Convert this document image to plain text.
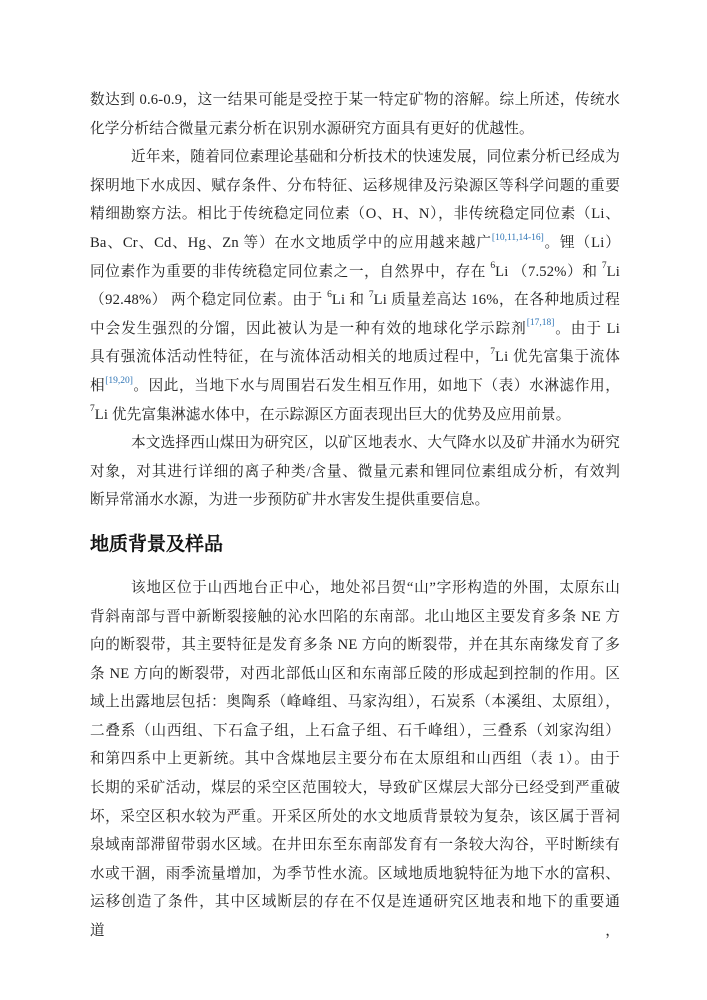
数达到 0.6-0.9，这一结果可能是受控于某一特定矿物的溶解。综上所述，传统水
化学分析结合微量元素分析在识别水源研究方面具有更好的优越性。
近年来，随着同位素理论基础和分析技术的快速发展，同位素分析已经成为
探明地下水成因、赋存条件、分布特征、运移规律及污染源区等科学问题的重要
精细勘察方法。相比于传统稳定同位素（O、H、N），非传统稳定同位素（Li、
Ba、Cr、Cd、Hg、Zn 等）在水文地质学中的应用越来越广[10,11,14-16]。锂（Li）
同位素作为重要的非传统稳定同位素之一，自然界中，存在 $^6$Li （7.52%）和 $^7$Li
（92.48%） 两个稳定同位素。由于 $^6$Li 和 $^7$Li 质量差高达 16%，在各种地质过程
中会发生强烈的分馏，因此被认为是一种有效的地球化学示踪剂[17,18]。由于 Li
具有强流体活动性特征，在与流体活动相关的地质过程中，$^7$Li 优先富集于流体
相[19,20]。因此，当地下水与周围岩石发生相互作用，如地下（表）水淋滤作用，
$^7$Li 优先富集淋滤水体中，在示踪源区方面表现出巨大的优势及应用前景。
本文选择西山煤田为研究区，以矿区地表水、大气降水以及矿井涌水为研究
对象，对其进行详细的离子种类/含量、微量元素和锂同位素组成分析，有效判
断异常涌水水源，为进一步预防矿井水害发生提供重要信息。
地质背景及样品
该地区位于山西地台正中心，地处祁吕贺“山”字形构造的外围，太原东山
背斜南部与晋中新断裂接触的沁水凹陷的东南部。北山地区主要发育多条 NE 方
向的断裂带，其主要特征是发育多条 NE 方向的断裂带，并在其东南缘发育了多
条 NE 方向的断裂带，对西北部低山区和东南部丘陵的形成起到控制的作用。区
域上出露地层包括：奥陶系（峰峰组、马家沟组），石炭系（本溪组、太原组），
二叠系（山西组、下石盒子组，上石盒子组、石千峰组），三叠系（刘家沟组）
和第四系中上更新统。其中含煤地层主要分布在太原组和山西组（表 1）。由于
长期的采矿活动，煤层的采空区范围较大，导致矿区煤层大部分已经受到严重破
坏，采空区积水较为严重。开采区所处的水文地质背景较为复杂，该区属于晋祠
泉域南部滞留带弱水区域。在井田东至东南部发育有一条较大沟谷，平时断续有
水或干涸，雨季流量增加，为季节性水流。区域地质地貌特征为地下水的富积、
运移创造了条件，其中区域断层的存在不仅是连通研究区地表和地下的重要通道，
